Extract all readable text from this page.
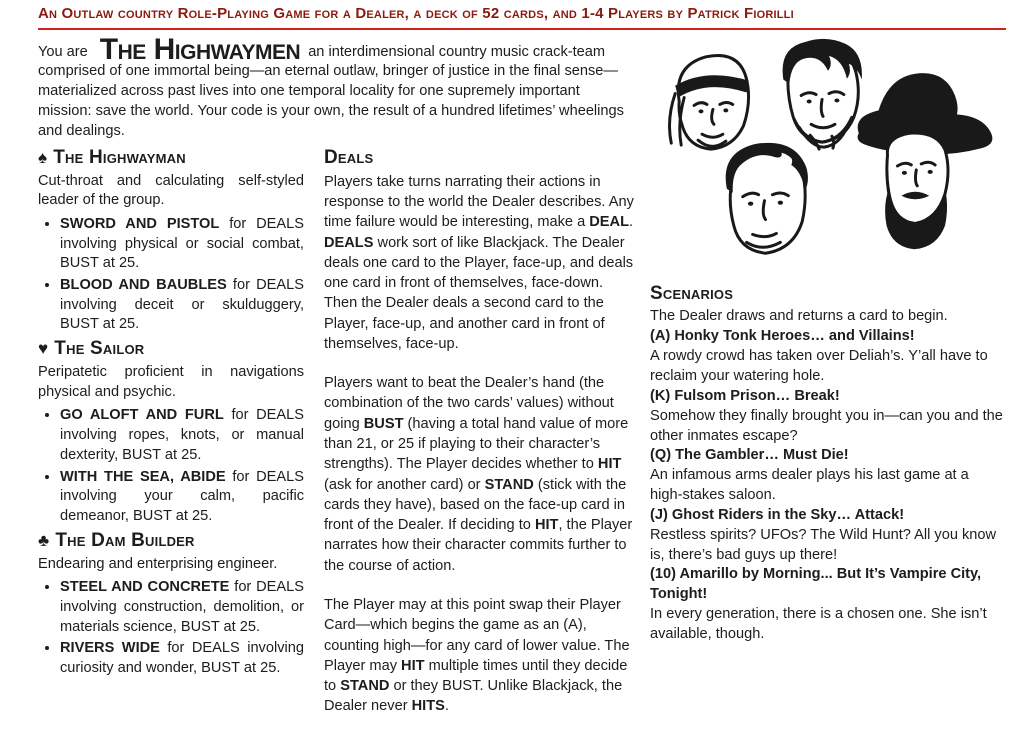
An Outlaw country Role-Playing Game for a Dealer, a deck of 52 cards, and 1-4 Players by Patrick Fiorilli

You are The Highwaymen an interdimensional country music crack-team comprised of one immortal being—an eternal outlaw, bringer of justice in the final sense—materialized across past lives into one temporal locality for one supremely important mission: save the world. Your code is your own, the result of a hundred lifetimes’ wheelings and dealings.

♠ The Highwayman

Cut-throat and calculating self-styled leader of the group.

• SWORD AND PISTOL for DEALS involving physical or social combat, BUST at 25.
• BLOOD AND BAUBLES for DEALS involving deceit or skulduggery, BUST at 25.
♥ The Sailor

Peripatetic proficient in navigations physical and psychic.

• GO ALOFT AND FURL for DEALS involving ropes, knots, or manual dexterity, BUST at 25.
• WITH THE SEA, ABIDE for DEALS involving your calm, pacific demeanor, BUST at 25.
♣ The Dam Builder

Endearing and enterprising engineer.

• STEEL AND CONCRETE for DEALS involving construction, demolition, or materials science, BUST at 25.
• RIVERS WIDE for DEALS involving curiosity and wonder, BUST at 25.
Deals

Players take turns narrating their actions in response to the world the Dealer describes. Any time failure would be interesting, make a DEAL. DEALS work sort of like Blackjack. The Dealer deals one card to the Player, face-up, and deals one card in front of themselves, face-down. Then the Dealer deals a second card to the Player, face-up, and another card in front of themselves, face-up.

Players want to beat the Dealer’s hand (the combination of the two cards’ values) without going BUST (having a total hand value of more than 21, or 25 if playing to their character’s strengths). The Player decides whether to HIT (ask for another card) or STAND (stick with the cards they have), based on the face-up card in front of the Dealer. If deciding to HIT, the Player narrates how their character commits further to the course of action.

The Player may at this point swap their Player Card—which begins the game as an (A), counting high—for any card of lower value. The Player may HIT multiple times until they decide to STAND or they BUST. Unlike Blackjack, the Dealer never HITS.

Scenarios

The Dealer draws and returns a card to begin.

(A) Honky Tonk Heroes… and Villains!
A rowdy crowd has taken over Deliah’s. Y’all have to reclaim your watering hole.
(K) Fulsom Prison… Break!
Somehow they finally brought you in—can you and the other inmates escape?
(Q) The Gambler… Must Die!
An infamous arms dealer plays his last game at a high-stakes saloon.
(J) Ghost Riders in the Sky… Attack!
Restless spirits? UFOs? The Wild Hunt? All you know is, there’s bad guys up there!
(10) Amarillo by Morning... But It’s Vampire City, Tonight!
In every generation, there is a chosen one. She isn’t available, though.
